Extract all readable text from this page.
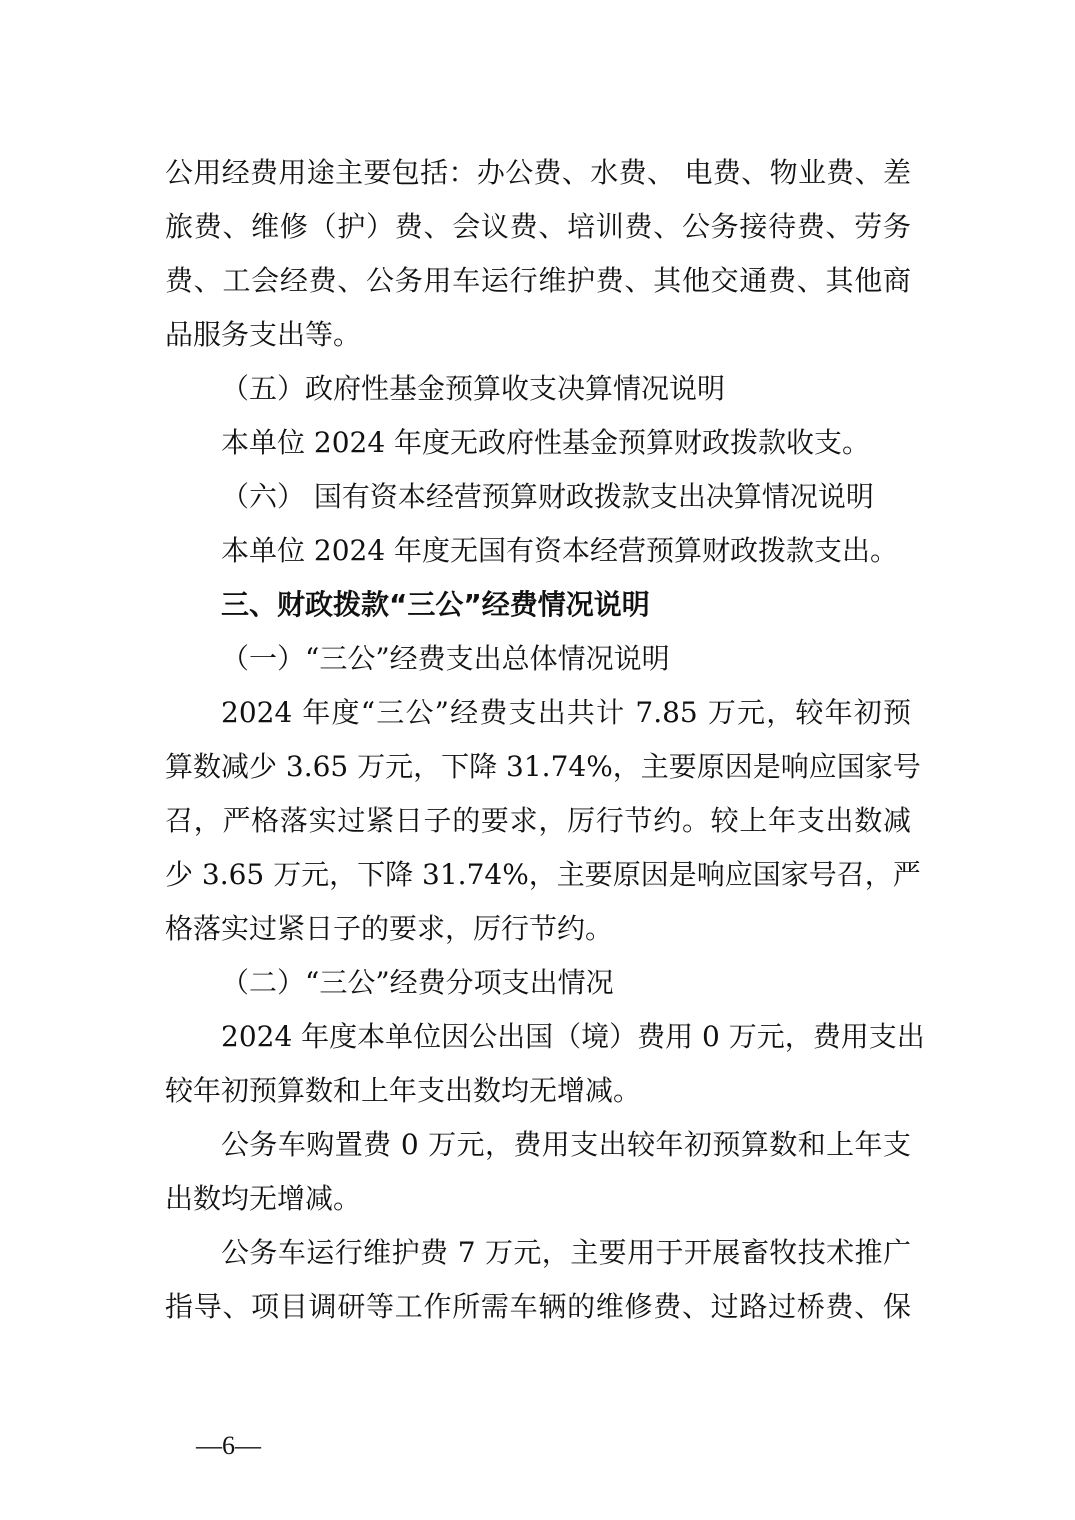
公用经费用途主要包括：办公费、水费、 电费、物业费、差
旅费、维修（护）费、会议费、培训费、公务接待费、劳务
费、工会经费、公务用车运行维护费、其他交通费、其他商
品服务支出等。
（五）政府性基金预算收支决算情况说明
本单位 2024 年度无政府性基金预算财政拨款收支。
（六） 国有资本经营预算财政拨款支出决算情况说明
本单位 2024 年度无国有资本经营预算财政拨款支出。
三、财政拨款“三公”经费情况说明
（一）“三公”经费支出总体情况说明
2024 年度“三公”经费支出共计 7.85 万元，较年初预
算数减少 3.65 万元，下降 31.74%，主要原因是响应国家号
召，严格落实过紧日子的要求，厉行节约。较上年支出数减
少 3.65 万元，下降 31.74%，主要原因是响应国家号召，严
格落实过紧日子的要求，厉行节约。
（二）“三公”经费分项支出情况
2024 年度本单位因公出国（境）费用 0 万元，费用支出
较年初预算数和上年支出数均无增减。
公务车购置费 0 万元，费用支出较年初预算数和上年支
出数均无增减。
公务车运行维护费 7 万元，主要用于开展畜牧技术推广
指导、项目调研等工作所需车辆的维修费、过路过桥费、保
—6—
